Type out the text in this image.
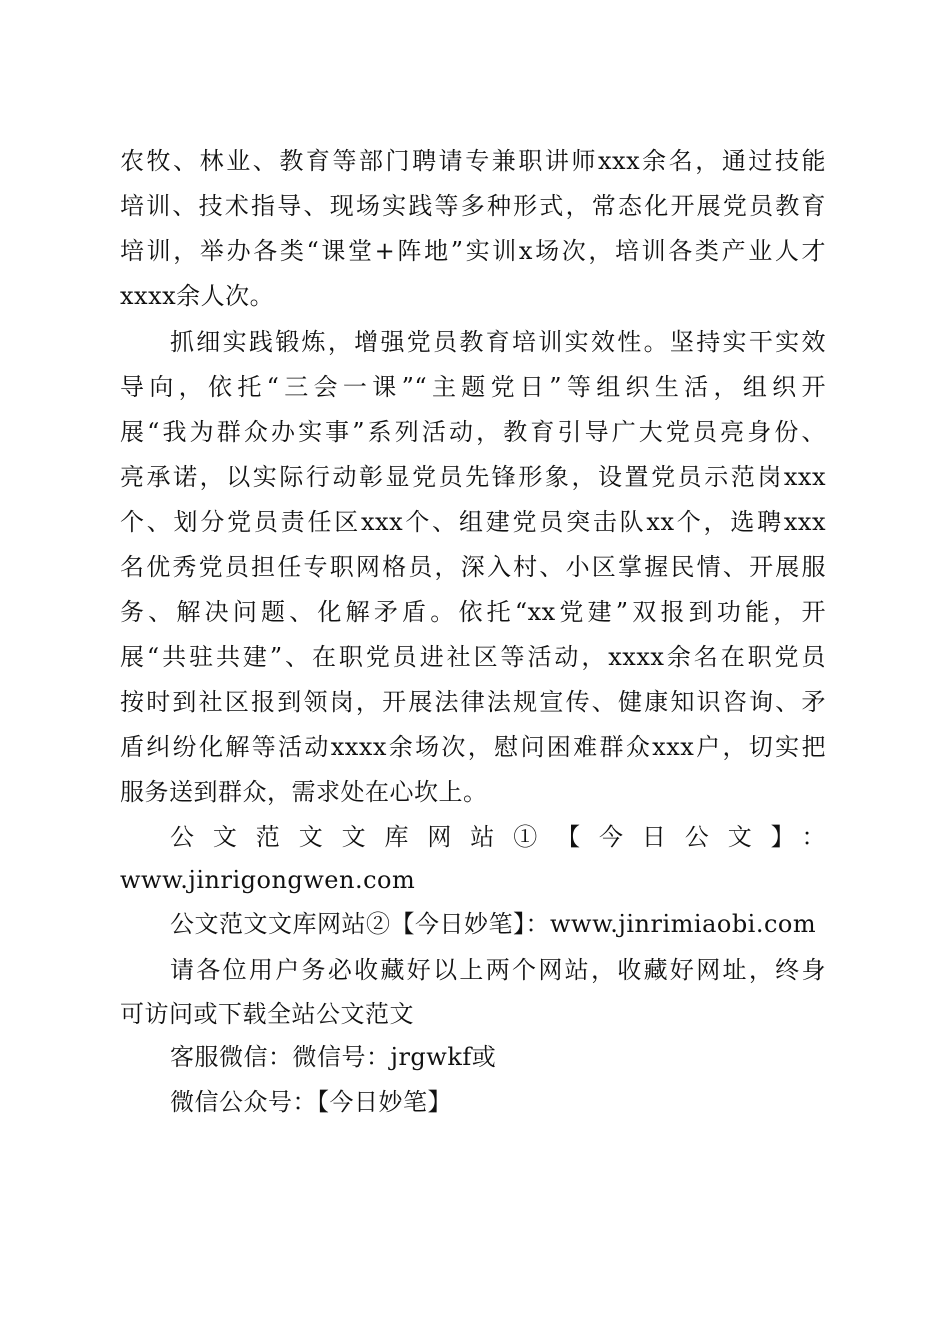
农牧、林业、教育等部门聘请专兼职讲师xxx余名，通过技能
培训、技术指导、现场实践等多种形式，常态化开展党员教育
培训，举办各类“课堂+阵地”实训x场次，培训各类产业人才
xxxx余人次。
抓细实践锻炼，增强党员教育培训实效性。坚持实干实效
导向，依托“三会一课”“主题党日”等组织生活，组织开
展“我为群众办实事”系列活动，教育引导广大党员亮身份、
亮承诺，以实际行动彰显党员先锋形象，设置党员示范岗xxx
个、划分党员责任区xxx个、组建党员突击队xx个，选聘xxx
名优秀党员担任专职网格员，深入村、小区掌握民情、开展服
务、解决问题、化解矛盾。依托“xx党建”双报到功能，开
展“共驻共建”、在职党员进社区等活动，xxxx余名在职党员
按时到社区报到领岗，开展法律法规宣传、健康知识咨询、矛
盾纠纷化解等活动xxxx余场次，慰问困难群众xxx户，切实把
服务送到群众，需求处在心坎上。
公文范文文库网站①【今日公文】：
www.jinrigongwen.com
公文范文文库网站②【今日妙笔】：www.jinrimiaobi.com
请各位用户务必收藏好以上两个网站，收藏好网址，终身
可访问或下载全站公文范文
客服微信：微信号：jrgwkf或
微信公众号：【今日妙笔】
